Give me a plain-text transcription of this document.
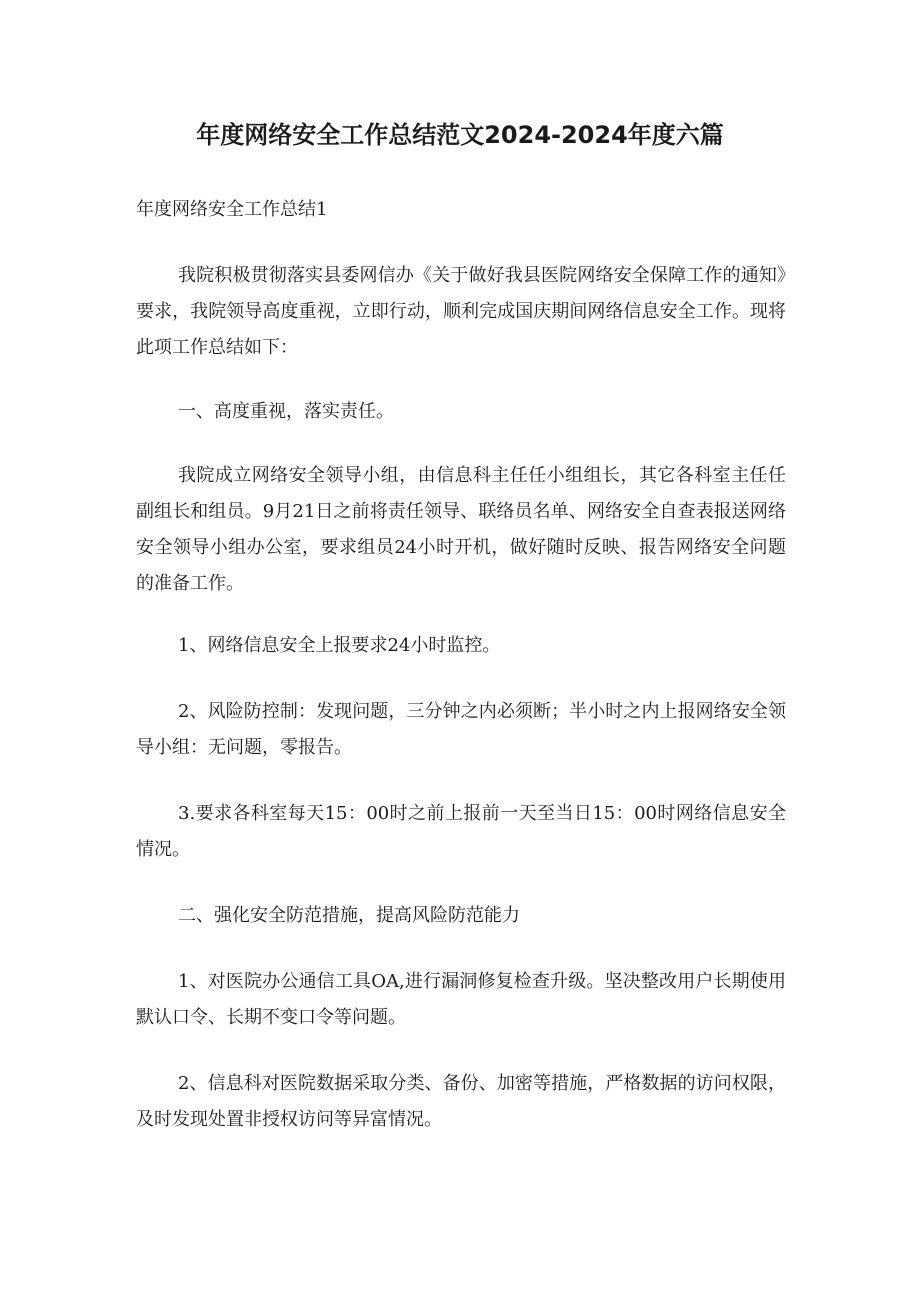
年度网络安全工作总结范文2024-2024年度六篇
年度网络安全工作总结1

我院积极贯彻落实县委网信办《关于做好我县医院网络安全保障工作的通知》要求，我院领导高度重视，立即行动，顺利完成国庆期间网络信息安全工作。现将此项工作总结如下：

一、高度重视，落实责任。

我院成立网络安全领导小组，由信息科主任任小组组长，其它各科室主任任副组长和组员。9月21日之前将责任领导、联络员名单、网络安全自查表报送网络安全领导小组办公室，要求组员24小时开机，做好随时反映、报告网络安全问题的准备工作。

1、网络信息安全上报要求24小时监控。

2、风险防控制：发现问题，三分钟之内必须断；半小时之内上报网络安全领导小组：无问题，零报告。

3.要求各科室每天15：00时之前上报前一天至当日15：00时网络信息安全情况。

二、强化安全防范措施，提高风险防范能力

1、对医院办公通信工具OA,进行漏洞修复检查升级。坚决整改用户长期使用默认口令、长期不变口令等问题。

2、信息科对医院数据采取分类、备份、加密等措施，严格数据的访问权限，及时发现处置非授权访问等异富情况。
